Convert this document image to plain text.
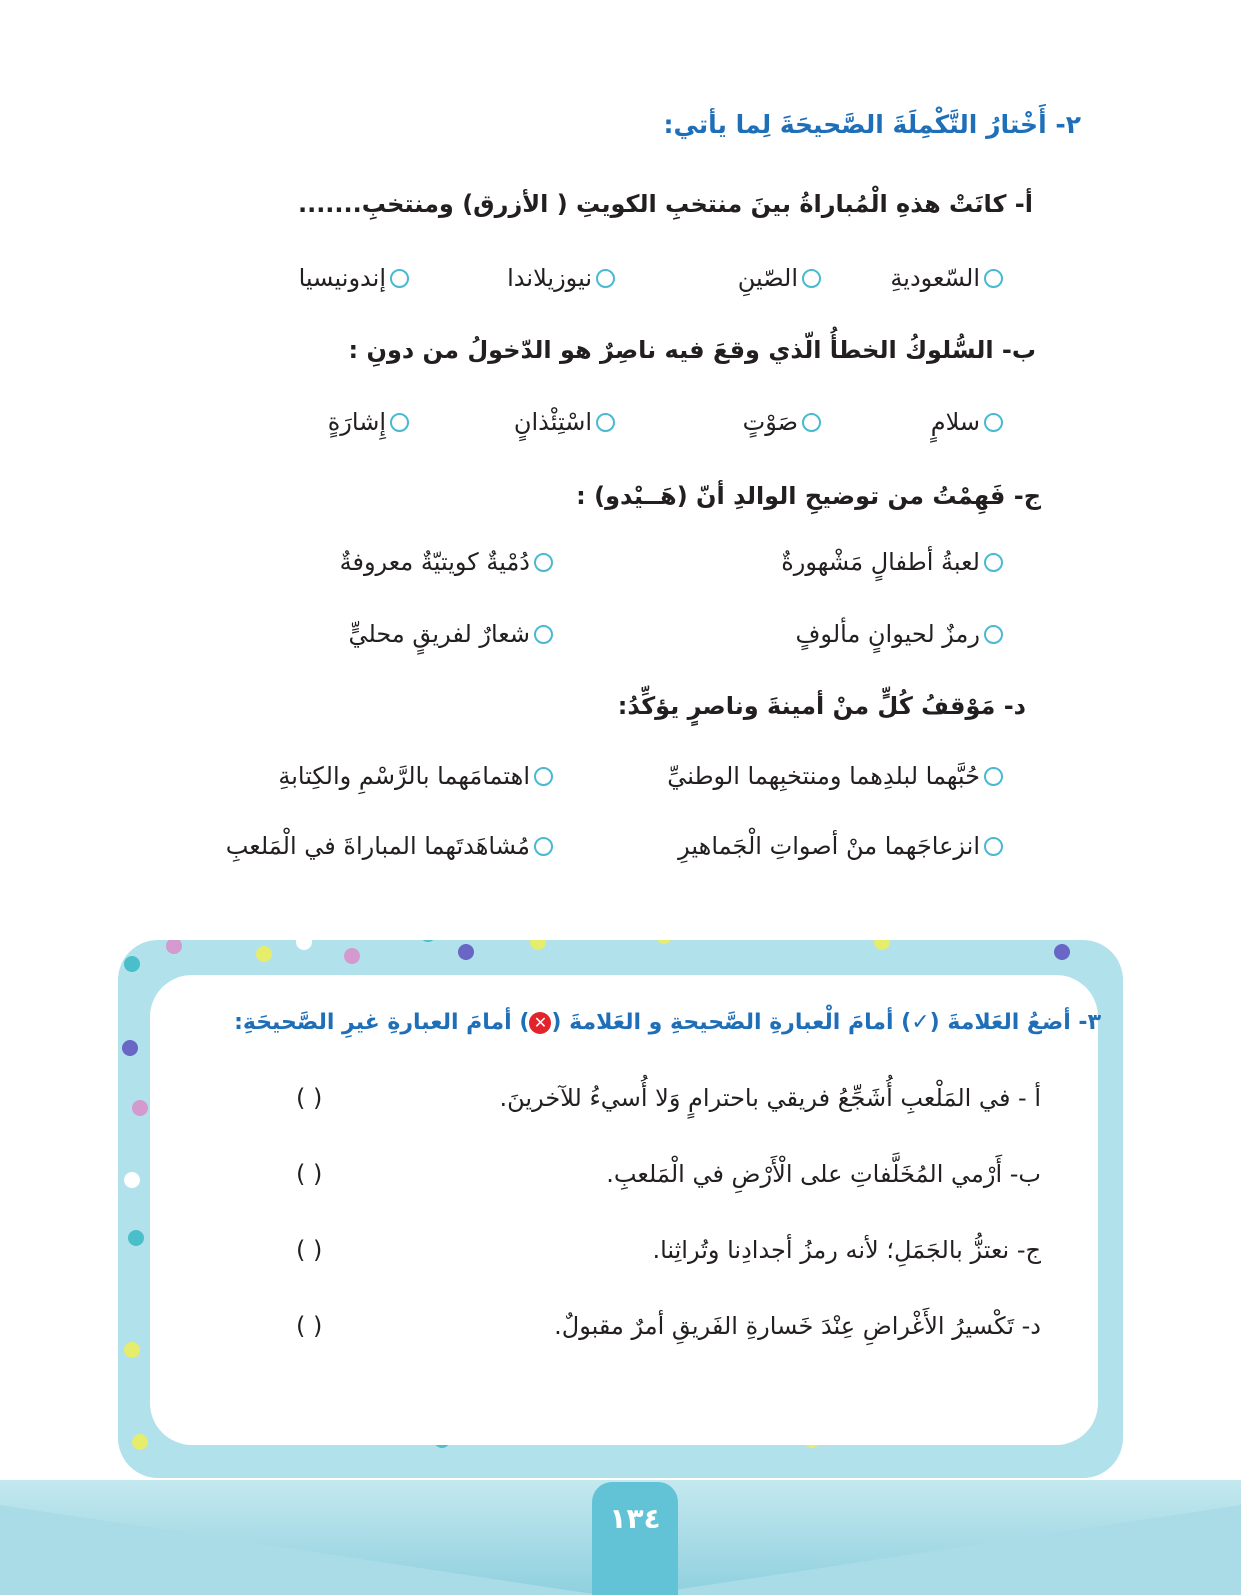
٢- أَخْتارُ التَّكْمِلَةَ الصَّحيحَةَ لِما يأتي:
أ- كانَتْ هذهِ الْمُباراةُ بينَ منتخبِ الكويتِ ( الأزرق) ومنتخبِ.......
السّعوديةِ
الصّينِ
نيوزيلاندا
إندونيسيا
ب- السُّلوكُ الخطأُ الّذي وقعَ فيه ناصِرٌ هو الدّخولُ من دونِ :
سلامٍ
صَوْتٍ
اسْتِئْذانٍ
إِشارَةٍ
ج- فَهِمْتُ من توضيحِ الوالدِ أنّ (هَــيْدو) :
لعبةُ أطفالٍ مَشْهورةٌ
دُمْيةٌ كويتيّةٌ معروفةٌ
رمزٌ لحيوانٍ مألوفٍ
شعارٌ لفريقٍ محليٍّ
د- مَوْقفُ كُلٍّ منْ أمينةَ وناصرٍ يؤكِّدُ:
حُبَّهما لبلدِهما ومنتخبِهما الوطنيِّ
اهتمامَهما بالرَّسْمِ والكِتابةِ
انزعاجَهما منْ أصواتِ الْجَماهيرِ
مُشاهَدتَهما المباراةَ في الْمَلعبِ
٣- أضعُ العَلامةَ (✓) أمامَ الْعبارةِ الصَّحيحةِ و العَلامةَ (✕) أمامَ العبارةِ غيرِ الصَّحيحَةِ:
أ - في المَلْعبِ أُشَجِّعُ فريقي باحترامٍ وَلا أُسيءُ للآخرينَ.
( )
ب- أَرْمي المُخَلَّفاتِ على الْأَرْضِ في الْمَلعبِ.
( )
ج- نعتزُّ بالجَمَلِ؛ لأنه رمزُ أجدادِنا وتُراثِنا.
( )
د- تَكْسيرُ الأَغْراضِ عِنْدَ خَسارةِ الفَريقِ أمرٌ مقبولٌ.
( )
١٣٤
